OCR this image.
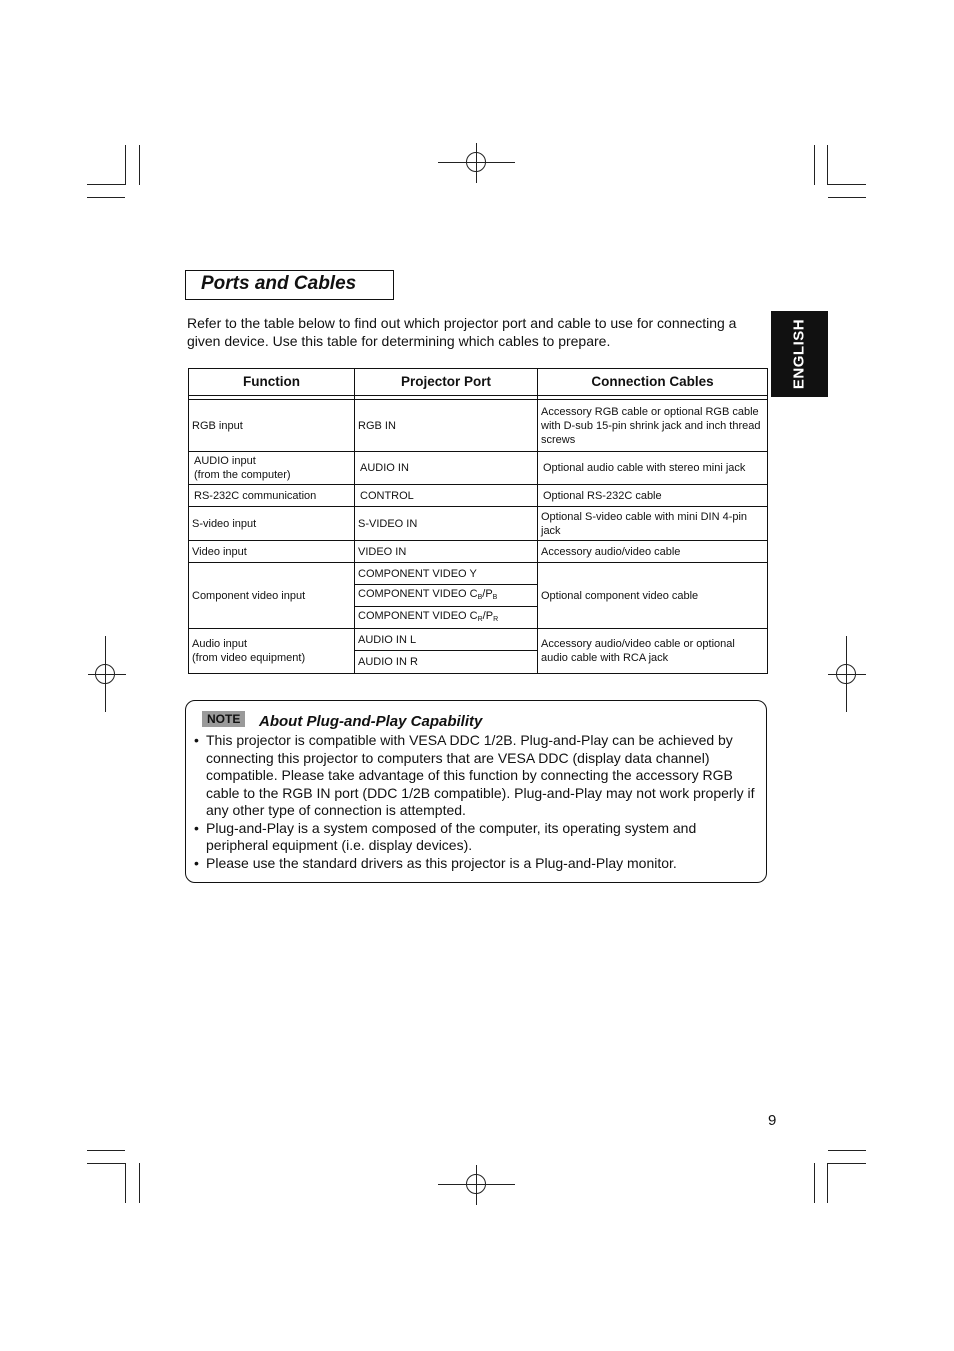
Ports and Cables
ENGLISH
Refer to the table below to find out which projector port and cable to use for connecting a given device. Use this table for determining which cables to prepare.
Function	Projector Port	Connection Cables

RGB input	RGB IN	Accessory RGB cable or optional RGB cable with D-sub 15-pin shrink jack and inch thread screws

AUDIO input
(from the computer)	AUDIO IN	Optional audio cable with stereo mini jack
RS-232C communication	CONTROL	Optional RS-232C cable
S-video input	S-VIDEO IN	Optional S-video cable with mini DIN 4-pin jack
Video input	VIDEO IN	Accessory audio/video cable
Component video input	COMPONENT VIDEO Y	Optional component video cable
	COMPONENT VIDEO $C_B/P_B$
	COMPONENT VIDEO $C_R/P_R$

Audio input
(from video equipment)	AUDIO IN L	Accessory audio/video cable or optional audio cable with RCA jack
	AUDIO IN R	
NOTE	About Plug-and-Play Capability
• This projector is compatible with VESA DDC 1/2B. Plug-and-Play can be achieved by connecting this projector to computers that are VESA DDC (display data channel) compatible. Please take advantage of this function by connecting the accessory RGB cable to the RGB IN port (DDC 1/2B compatible). Plug-and-Play may not work properly if any other type of connection is attempted.
• Plug-and-Play is a system composed of the computer, its operating system and peripheral equipment (i.e. display devices).
• Please use the standard drivers as this projector is a Plug-and-Play monitor.
9
